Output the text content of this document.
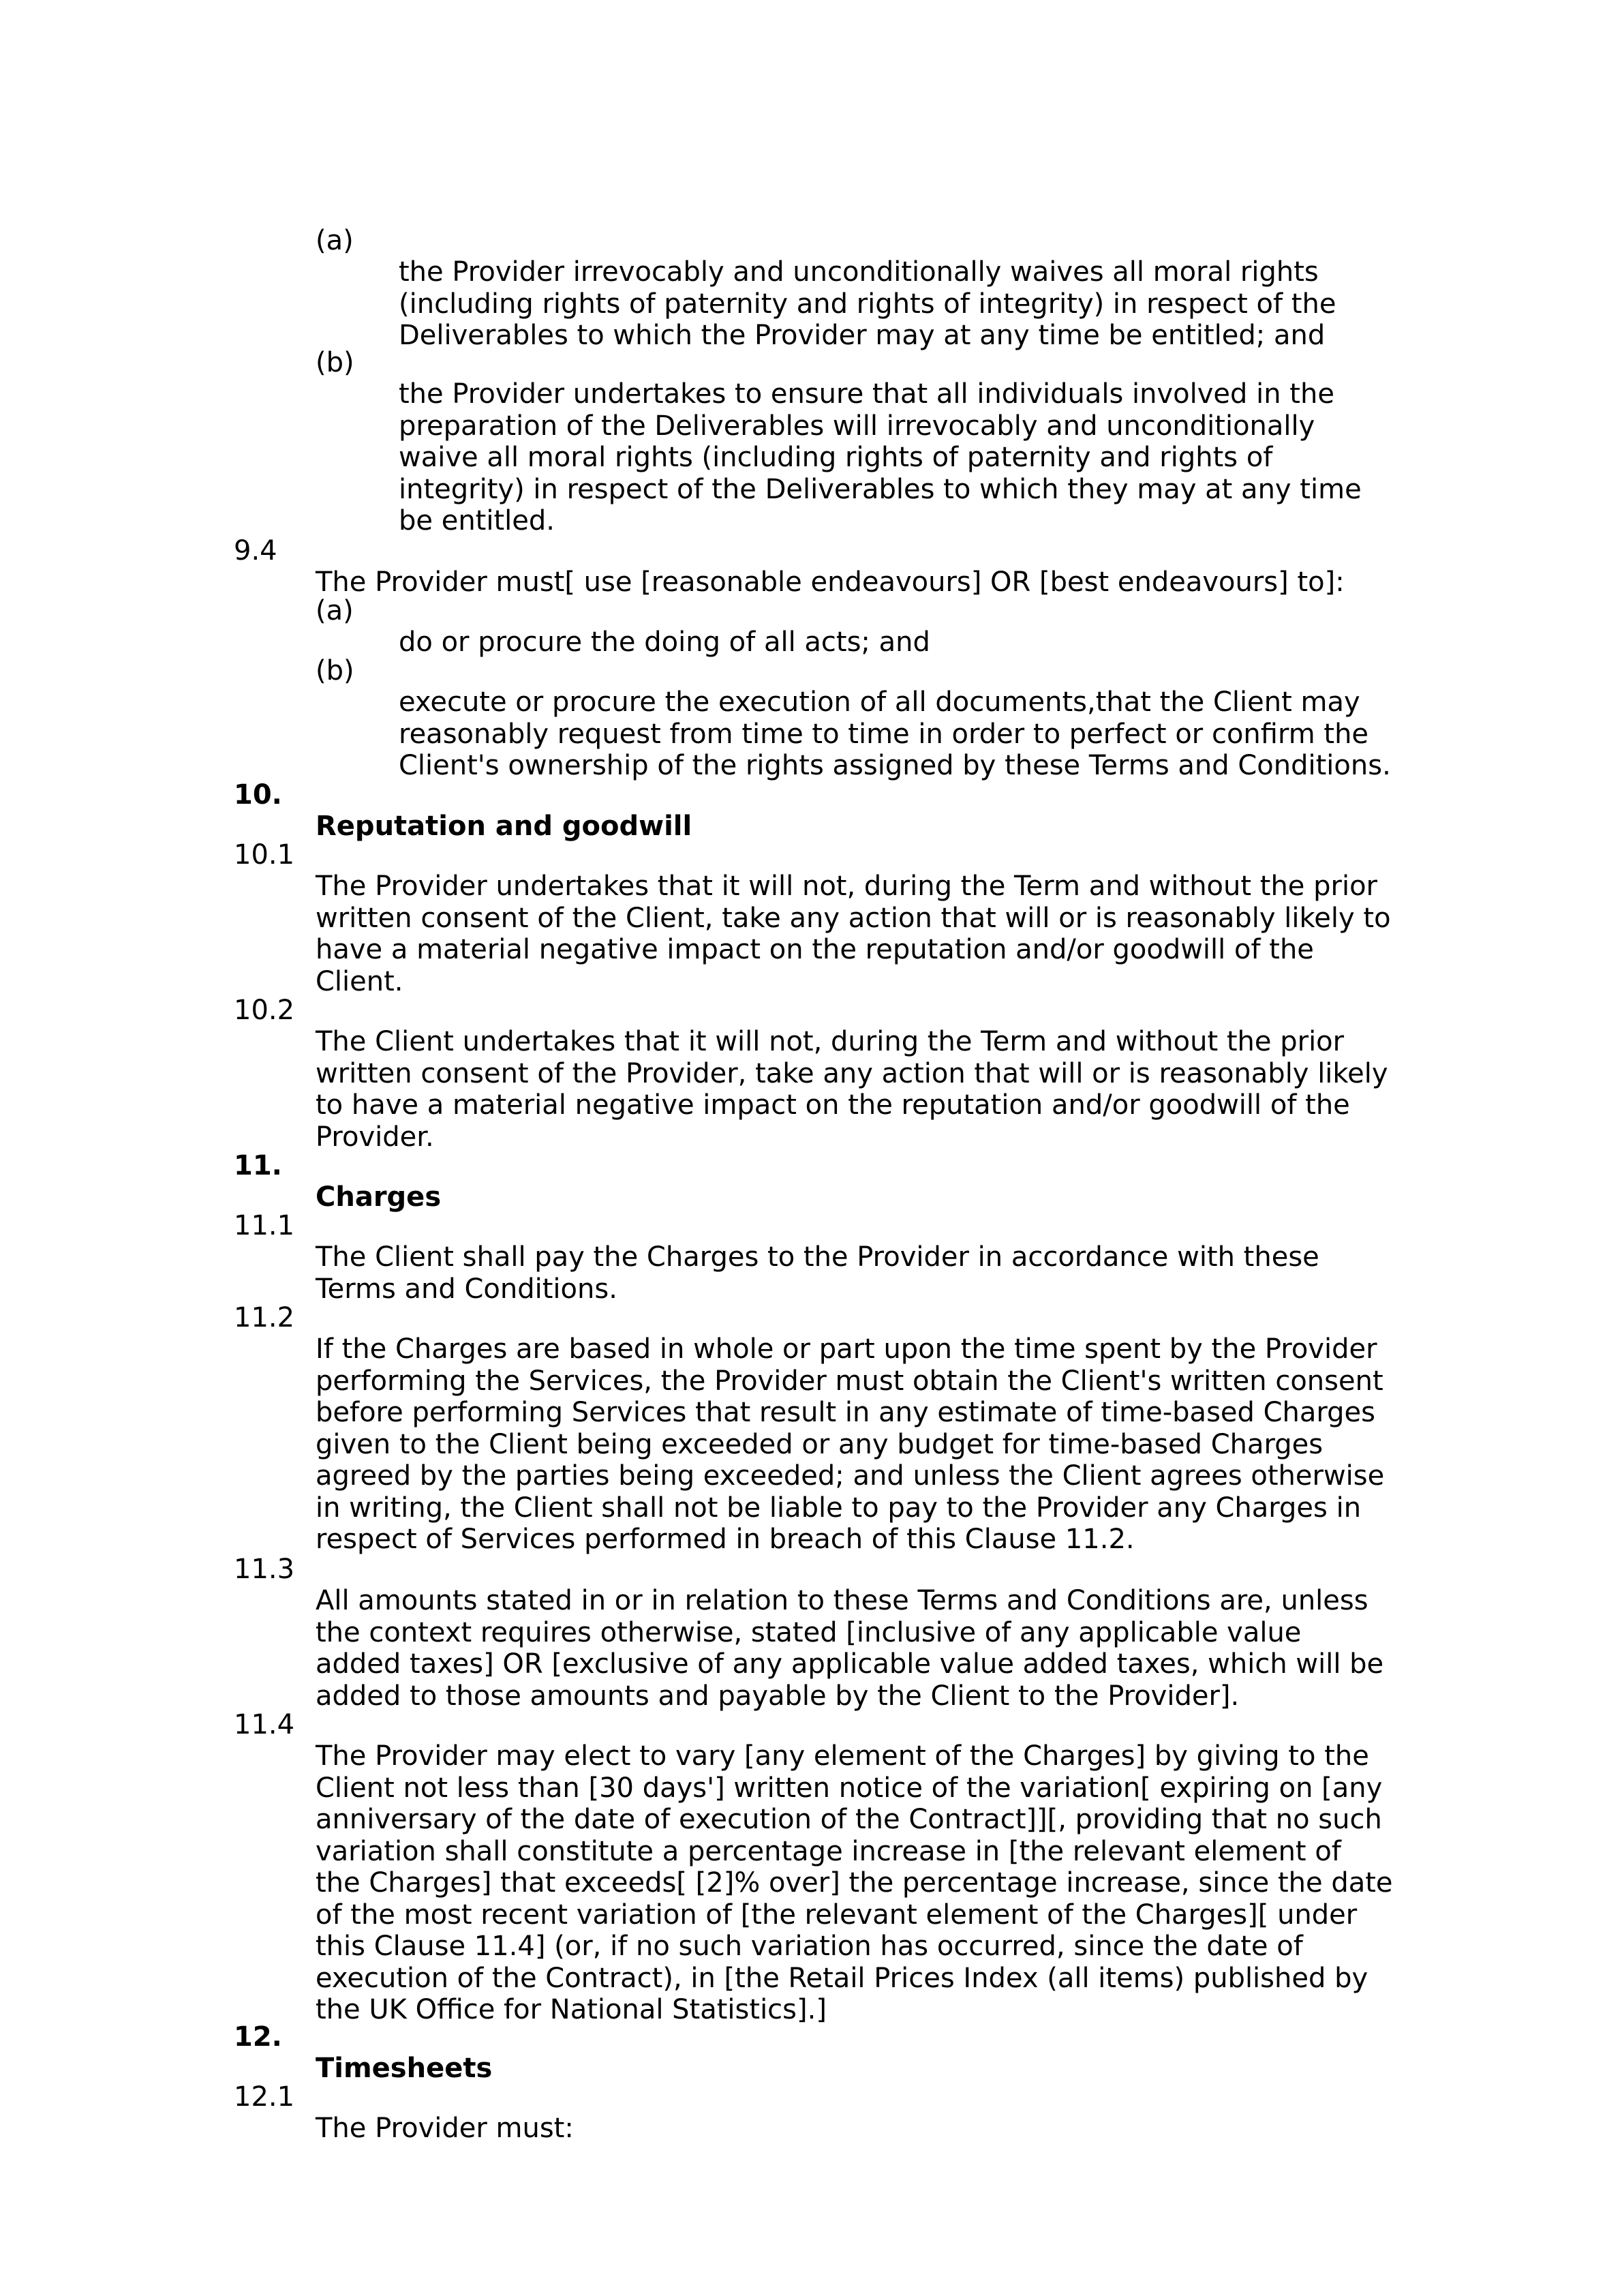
(a)

the Provider irrevocably and unconditionally waives all moral rights
(including rights of paternity and rights of integrity) in respect of the
Deliverables to which the Provider may at any time be entitled; and

(b)

the Provider undertakes to ensure that all individuals involved in the
preparation of the Deliverables will irrevocably and unconditionally
waive all moral rights (including rights of paternity and rights of
integrity) in respect of the Deliverables to which they may at any time
be entitled.

9.4

The Provider must[ use [reasonable endeavours] OR [best endeavours] to]:

(a)

do or procure the doing of all acts; and

(b)

execute or procure the execution of all documents,that the Client may
reasonably request from time to time in order to perfect or confirm the
Client's ownership of the rights assigned by these Terms and Conditions.

10.

Reputation and goodwill

10.1

The Provider undertakes that it will not, during the Term and without the prior
written consent of the Client, take any action that will or is reasonably likely to
have a material negative impact on the reputation and/or goodwill of the
Client.

10.2

The Client undertakes that it will not, during the Term and without the prior
written consent of the Provider, take any action that will or is reasonably likely
to have a material negative impact on the reputation and/or goodwill of the
Provider.

11.

Charges

11.1

The Client shall pay the Charges to the Provider in accordance with these
Terms and Conditions.

11.2

If the Charges are based in whole or part upon the time spent by the Provider
performing the Services, the Provider must obtain the Client's written consent
before performing Services that result in any estimate of time-based Charges
given to the Client being exceeded or any budget for time-based Charges
agreed by the parties being exceeded; and unless the Client agrees otherwise
in writing, the Client shall not be liable to pay to the Provider any Charges in
respect of Services performed in breach of this Clause 11.2.

11.3

All amounts stated in or in relation to these Terms and Conditions are, unless
the context requires otherwise, stated [inclusive of any applicable value
added taxes] OR [exclusive of any applicable value added taxes, which will be
added to those amounts and payable by the Client to the Provider].

11.4

The Provider may elect to vary [any element of the Charges] by giving to the
Client not less than [30 days'] written notice of the variation[ expiring on [any
anniversary of the date of execution of the Contract]][, providing that no such
variation shall constitute a percentage increase in [the relevant element of
the Charges] that exceeds[ [2]% over] the percentage increase, since the date
of the most recent variation of [the relevant element of the Charges][ under
this Clause 11.4] (or, if no such variation has occurred, since the date of
execution of the Contract), in [the Retail Prices Index (all items) published by
the UK Office for National Statistics].]

12.

Timesheets

12.1

The Provider must:
